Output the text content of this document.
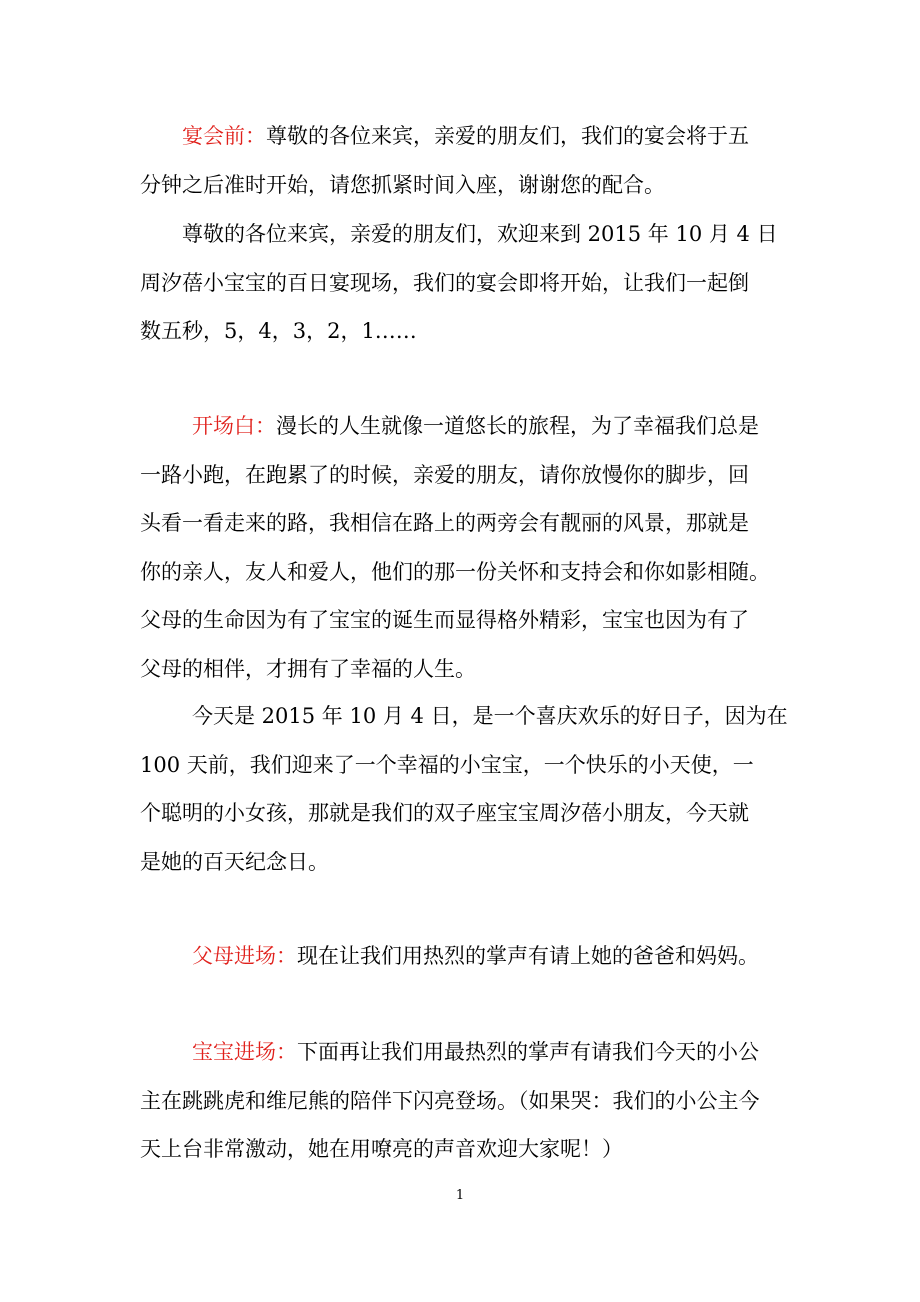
宴会前：尊敬的各位来宾，亲爱的朋友们，我们的宴会将于五
分钟之后准时开始，请您抓紧时间入座，谢谢您的配合。
尊敬的各位来宾，亲爱的朋友们，欢迎来到 2015 年 10 月 4 日
周汐蓓小宝宝的百日宴现场，我们的宴会即将开始，让我们一起倒
数五秒，5，4，3，2，1……
开场白：漫长的人生就像一道悠长的旅程，为了幸福我们总是
一路小跑，在跑累了的时候，亲爱的朋友，请你放慢你的脚步，回
头看一看走来的路，我相信在路上的两旁会有靓丽的风景，那就是
你的亲人，友人和爱人，他们的那一份关怀和支持会和你如影相随。
父母的生命因为有了宝宝的诞生而显得格外精彩，宝宝也因为有了
父母的相伴，才拥有了幸福的人生。
今天是 2015 年 10 月 4 日，是一个喜庆欢乐的好日子，因为在
100 天前，我们迎来了一个幸福的小宝宝，一个快乐的小天使，一
个聪明的小女孩，那就是我们的双子座宝宝周汐蓓小朋友，今天就
是她的百天纪念日。
父母进场：现在让我们用热烈的掌声有请上她的爸爸和妈妈。
宝宝进场：下面再让我们用最热烈的掌声有请我们今天的小公
主在跳跳虎和维尼熊的陪伴下闪亮登场。（如果哭：我们的小公主今
天上台非常激动，她在用嘹亮的声音欢迎大家呢！）
1
